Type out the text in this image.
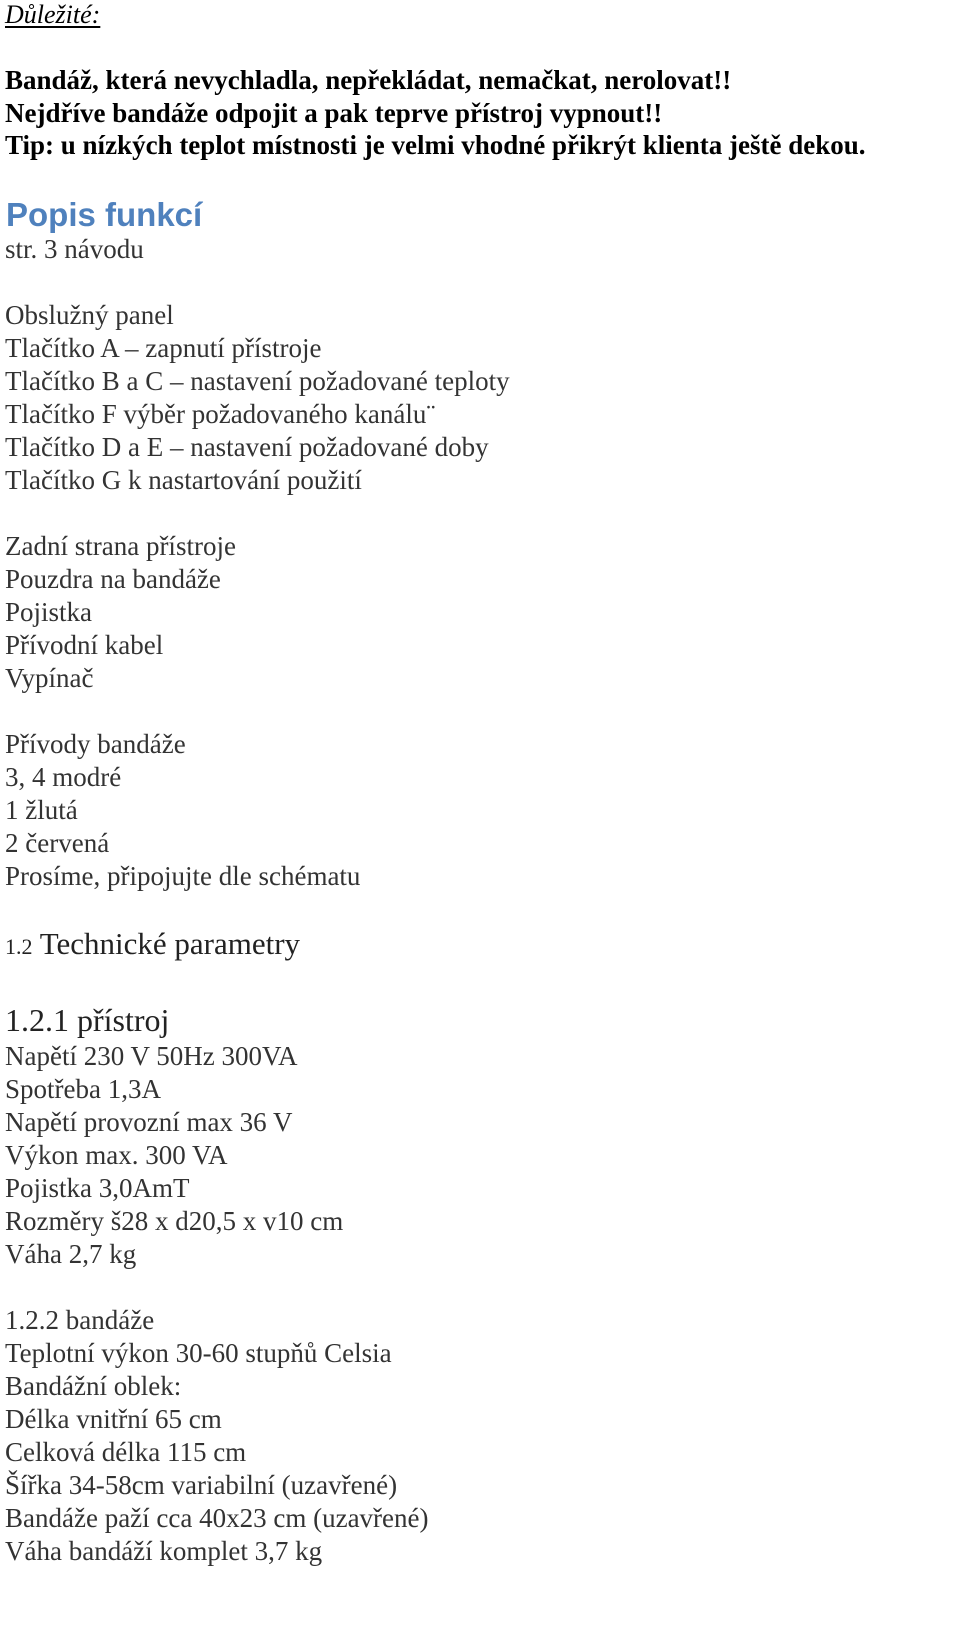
Důležité:
Bandáž, která nevychladla, nepřekládat, nemačkat, nerolovat!!
Nejdříve bandáže odpojit a pak teprve přístroj vypnout!!
Tip: u nízkých teplot místnosti je velmi vhodné přikrýt klienta ještě dekou.
Popis funkcí
str. 3 návodu
Obslužný panel
Tlačítko A – zapnutí přístroje
Tlačítko B a C – nastavení požadované teploty
Tlačítko F výběr požadovaného kanálu¨
Tlačítko D a E – nastavení požadované doby
Tlačítko G k nastartování použití
Zadní strana přístroje
Pouzdra na bandáže
Pojistka
Přívodní kabel
Vypínač
Přívody bandáže
3, 4 modré
1 žlutá
2 červená
Prosíme, připojujte dle schématu
1.2 Technické parametry
1.2.1 přístroj
Napětí 230 V 50Hz 300VA
Spotřeba 1,3A
Napětí provozní max 36 V
Výkon max. 300 VA
Pojistka 3,0AmT
Rozměry š28 x d20,5 x v10 cm
Váha 2,7 kg
1.2.2 bandáže
Teplotní výkon 30-60 stupňů Celsia
Bandážní oblek:
Délka vnitřní 65 cm
Celková délka 115 cm
Šířka 34-58cm variabilní (uzavřené)
Bandáže paží cca 40x23 cm (uzavřené)
Váha bandáží komplet 3,7 kg
